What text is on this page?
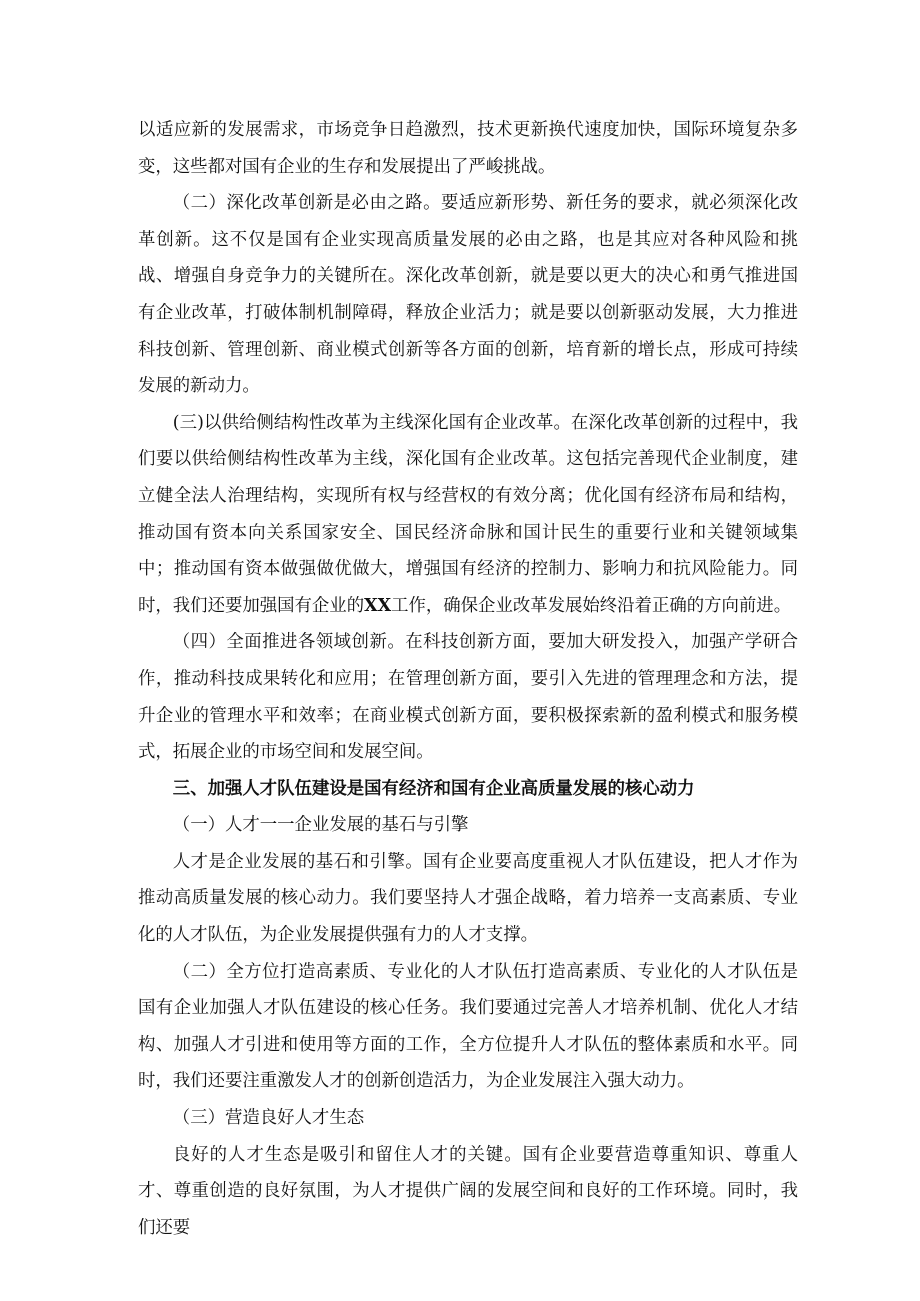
以适应新的发展需求，市场竞争日趋激烈，技术更新换代速度加快，国际环境复杂多变，这些都对国有企业的生存和发展提出了严峻挑战。

（二）深化改革创新是必由之路。要适应新形势、新任务的要求，就必须深化改革创新。这不仅是国有企业实现高质量发展的必由之路，也是其应对各种风险和挑战、增强自身竞争力的关键所在。深化改革创新，就是要以更大的决心和勇气推进国有企业改革，打破体制机制障碍，释放企业活力；就是要以创新驱动发展，大力推进科技创新、管理创新、商业模式创新等各方面的创新，培育新的增长点，形成可持续发展的新动力。

(三)以供给侧结构性改革为主线深化国有企业改革。在深化改革创新的过程中，我们要以供给侧结构性改革为主线，深化国有企业改革。这包括完善现代企业制度，建立健全法人治理结构，实现所有权与经营权的有效分离；优化国有经济布局和结构，推动国有资本向关系国家安全、国民经济命脉和国计民生的重要行业和关键领域集中；推动国有资本做强做优做大，增强国有经济的控制力、影响力和抗风险能力。同时，我们还要加强国有企业的XX工作，确保企业改革发展始终沿着正确的方向前进。

（四）全面推进各领域创新。在科技创新方面，要加大研发投入，加强产学研合作，推动科技成果转化和应用；在管理创新方面，要引入先进的管理理念和方法，提升企业的管理水平和效率；在商业模式创新方面，要积极探索新的盈利模式和服务模式，拓展企业的市场空间和发展空间。

三、加强人才队伍建设是国有经济和国有企业高质量发展的核心动力

（一）人才一一企业发展的基石与引擎

人才是企业发展的基石和引擎。国有企业要高度重视人才队伍建设，把人才作为推动高质量发展的核心动力。我们要坚持人才强企战略，着力培养一支高素质、专业化的人才队伍，为企业发展提供强有力的人才支撑。

（二）全方位打造高素质、专业化的人才队伍打造高素质、专业化的人才队伍是国有企业加强人才队伍建设的核心任务。我们要通过完善人才培养机制、优化人才结构、加强人才引进和使用等方面的工作，全方位提升人才队伍的整体素质和水平。同时，我们还要注重激发人才的创新创造活力，为企业发展注入强大动力。

（三）营造良好人才生态

良好的人才生态是吸引和留住人才的关键。国有企业要营造尊重知识、尊重人才、尊重创造的良好氛围，为人才提供广阔的发展空间和良好的工作环境。同时，我们还要
